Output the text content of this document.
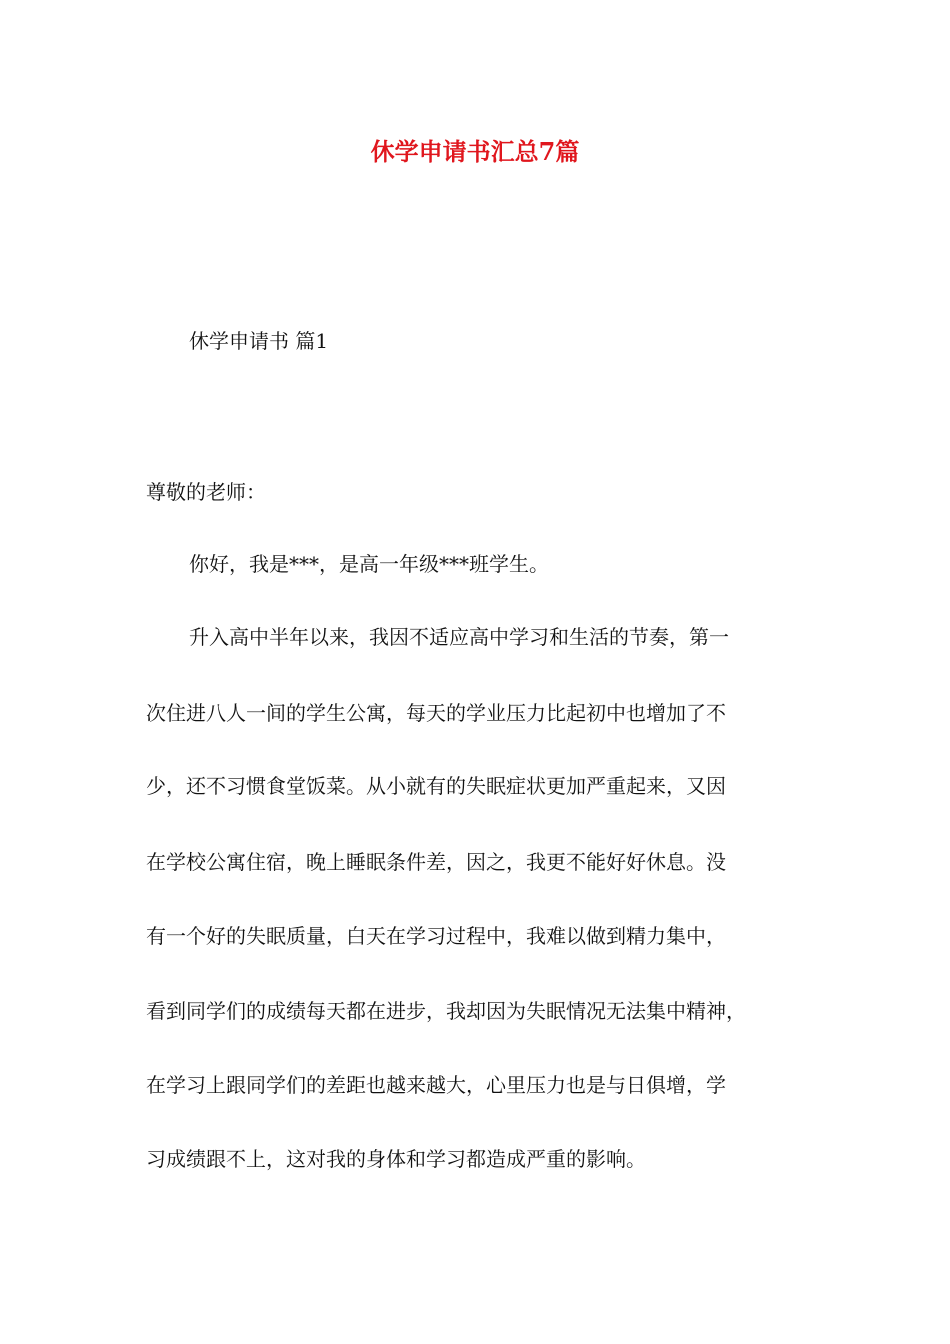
休学申请书汇总7篇

休学申请书 篇1

尊敬的老师：

你好，我是***，是高一年级***班学生。

升入高中半年以来，我因不适应高中学习和生活的节奏，第一

次住进八人一间的学生公寓，每天的学业压力比起初中也增加了不

少，还不习惯食堂饭菜。从小就有的失眠症状更加严重起来，又因

在学校公寓住宿，晚上睡眠条件差，因之，我更不能好好休息。没

有一个好的失眠质量，白天在学习过程中，我难以做到精力集中，

看到同学们的成绩每天都在进步，我却因为失眠情况无法集中精神，

在学习上跟同学们的差距也越来越大，心里压力也是与日俱增，学

习成绩跟不上，这对我的身体和学习都造成严重的影响。
